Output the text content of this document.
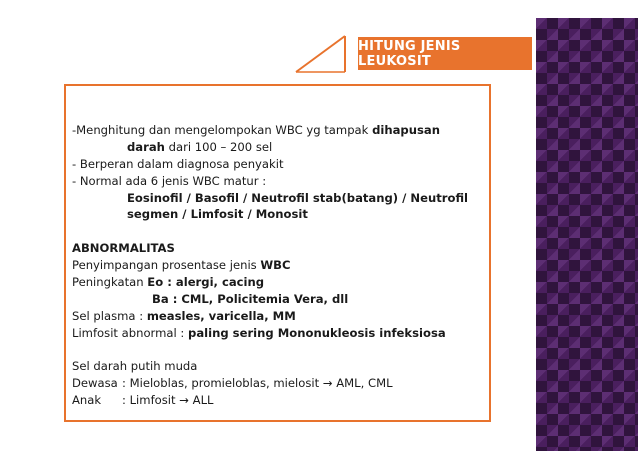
HITUNG JENIS LEUKOSIT
-Menghitung dan mengelompokan WBC yg tampak dihapusan
darah dari 100 – 200 sel
- Berperan dalam diagnosa penyakit
- Normal ada 6 jenis WBC matur :
Eosinofil / Basofil / Neutrofil stab(batang) / Neutrofil
segmen / Limfosit / Monosit
ABNORMALITAS
Penyimpangan prosentase jenis WBC
Peningkatan Eo : alergi, cacing
Ba : CML, Policitemia Vera, dll
Sel plasma : measles, varicella, MM
Limfosit abnormal : paling sering Mononukleosis infeksiosa
Sel darah putih muda
Dewasa : Mieloblas, promieloblas, mielosit → AML, CML
Anak : Limfosit → ALL
